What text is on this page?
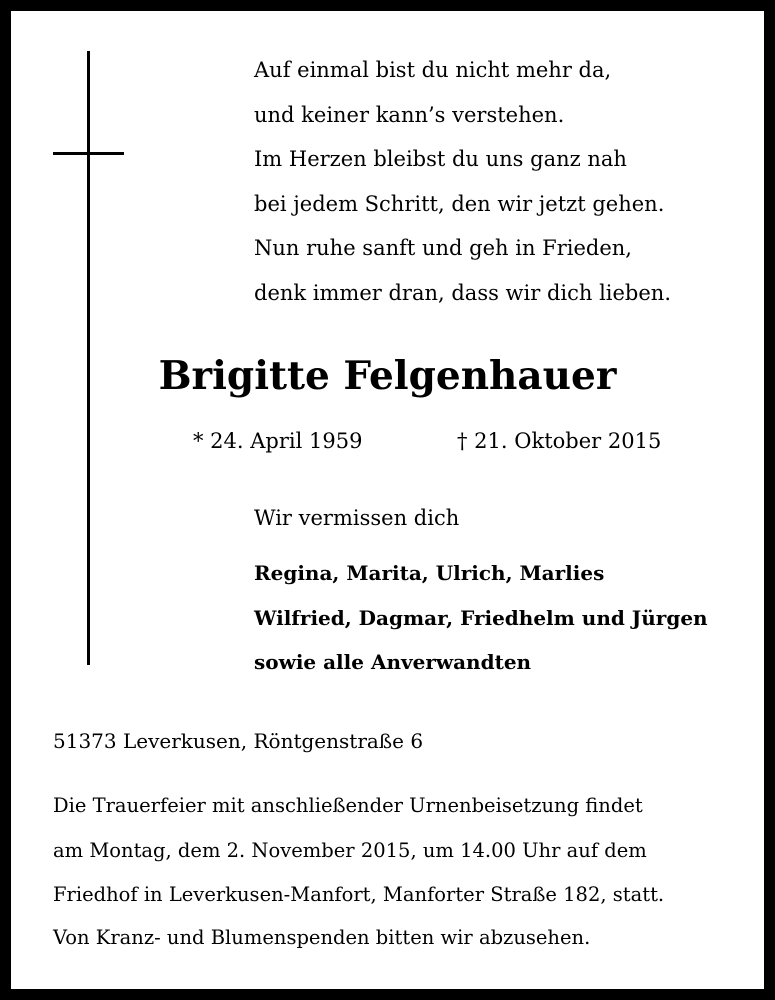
Auf einmal bist du nicht mehr da,
und keiner kann’s verstehen.
Im Herzen bleibst du uns ganz nah
bei jedem Schritt, den wir jetzt gehen.
Nun ruhe sanft und geh in Frieden,
denk immer dran, dass wir dich lieben.
Brigitte Felgenhauer
* 24. April 1959	† 21. Oktober 2015
Wir vermissen dich
Regina, Marita, Ulrich, Marlies
Wilfried, Dagmar, Friedhelm und Jürgen
sowie alle Anverwandten
51373 Leverkusen, Röntgenstraße 6
Die Trauerfeier mit anschließender Urnenbeisetzung findet
am Montag, dem 2. November 2015, um 14.00 Uhr auf dem
Friedhof in Leverkusen-Manfort, Manforter Straße 182, statt.
Von Kranz- und Blumenspenden bitten wir abzusehen.
